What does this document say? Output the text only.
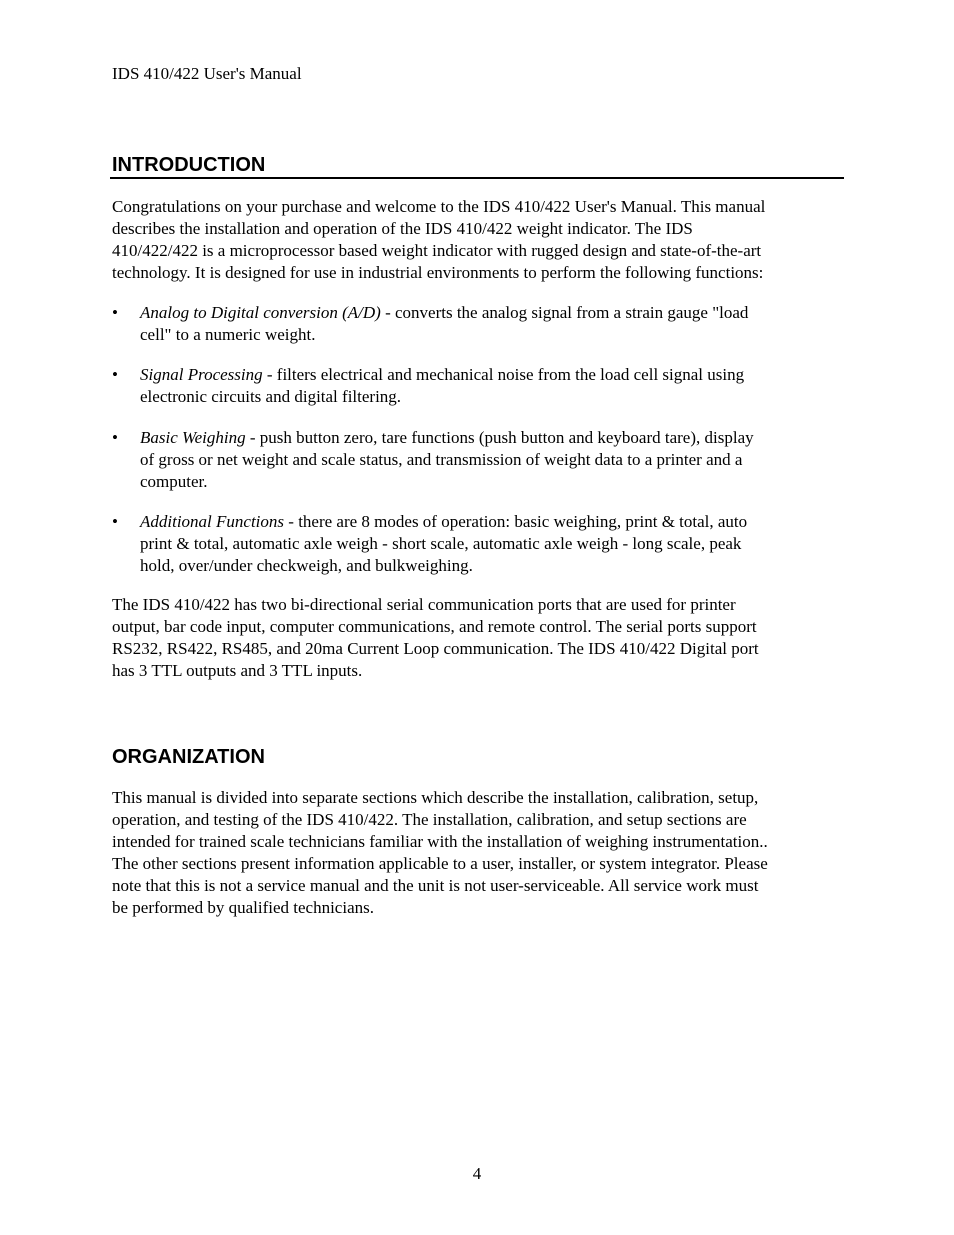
IDS 410/422 User's Manual
INTRODUCTION

Congratulations on your purchase and welcome to the IDS 410/422 User's Manual. This manual
describes the installation and operation of the IDS 410/422 weight indicator. The IDS
410/422/422 is a microprocessor based weight indicator with rugged design and state-of-the-art
technology. It is designed for use in industrial environments to perform the following functions:

•	Analog to Digital conversion (A/D) - converts the analog signal from a strain gauge "load
cell" to a numeric weight.
•	Signal Processing - filters electrical and mechanical noise from the load cell signal using
electronic circuits and digital filtering.
•	Basic Weighing - push button zero, tare functions (push button and keyboard tare), display
of gross or net weight and scale status, and transmission of weight data to a printer and a
computer.
•	Additional Functions - there are 8 modes of operation: basic weighing, print & total, auto
print & total, automatic axle weigh - short scale, automatic axle weigh - long scale, peak
hold, over/under checkweigh, and bulkweighing.

The IDS 410/422 has two bi-directional serial communication ports that are used for printer
output, bar code input, computer communications, and remote control. The serial ports support
RS232, RS422, RS485, and 20ma Current Loop communication. The IDS 410/422 Digital port
has 3 TTL outputs and 3 TTL inputs.

ORGANIZATION

This manual is divided into separate sections which describe the installation, calibration, setup,
operation, and testing of the IDS 410/422. The installation, calibration, and setup sections are
intended for trained scale technicians familiar with the installation of weighing instrumentation..
The other sections present information applicable to a user, installer, or system integrator. Please
note that this is not a service manual and the unit is not user-serviceable. All service work must
be performed by qualified technicians.

4
